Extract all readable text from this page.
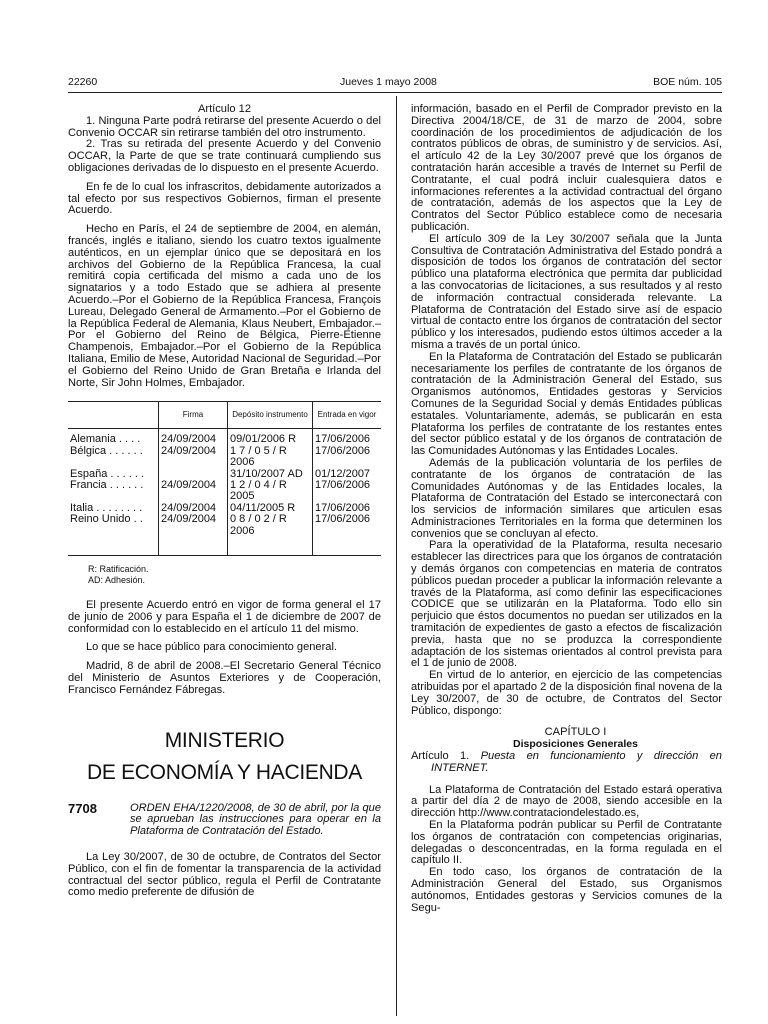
22260	Jueves 1 mayo 2008	BOE núm. 105

Artículo 12

1. Ninguna Parte podrá retirarse del presente Acuerdo o del Convenio OCCAR sin retirarse también del otro instrumento.

2. Tras su retirada del presente Acuerdo y del Convenio OCCAR, la Parte de que se trate continuará cumpliendo sus obligaciones derivadas de lo dispuesto en el presente Acuerdo.

En fe de lo cual los infrascritos, debidamente autorizados a tal efecto por sus respectivos Gobiernos, firman el presente Acuerdo.

Hecho en París, el 24 de septiembre de 2004, en alemán, francés, inglés e italiano, siendo los cuatro textos igualmente auténticos, en un ejemplar único que se depositará en los archivos del Gobierno de la República Francesa, la cual remitirá copia certificada del mismo a cada uno de los signatarios y a todo Estado que se adhiera al presente Acuerdo.–Por el Gobierno de la República Francesa, François Lureau, Delegado General de Armamento.–Por el Gobierno de la República Federal de Alemania, Klaus Neubert, Embajador.–Por el Gobierno del Reino de Bélgica, Pierre-Etienne Champenois, Embajador.–Por el Gobierno de la República Italiana, Emilio de Mese, Autoridad Nacional de Seguridad.–Por el Gobierno del Reino Unido de Gran Bretaña e Irlanda del Norte, Sir John Holmes, Embajador.

	Firma	Depósito instrumento	Entrada en vigor
Alemania . . . .	24/09/2004	09/01/2006 R	17/06/2006
Bélgica . . . . . .	24/09/2004	1 7 / 0 5 / R 2006	17/06/2006
España . . . . . .		31/10/2007 AD	01/12/2007
Francia . . . . . .	24/09/2004	1 2 / 0 4 / R 2005	17/06/2006
Italia . . . . . . . .	24/09/2004	04/11/2005 R	17/06/2006
Reino Unido . .	24/09/2004	0 8 / 0 2 / R 2006	17/06/2006
R: Ratificación.
AD: Adhesión.

El presente Acuerdo entró en vigor de forma general el 17 de junio de 2006 y para España el 1 de diciembre de 2007 de conformidad con lo establecido en el artículo 11 del mismo.

Lo que se hace público para conocimiento general.

Madrid, 8 de abril de 2008.–El Secretario General Técnico del Ministerio de Asuntos Exteriores y de Cooperación, Francisco Fernández Fábregas.

MINISTERIO
DE ECONOMÍA Y HACIENDA
7708	ORDEN EHA/1220/2008, de 30 de abril, por la que se aprueban las instrucciones para operar en la Plataforma de Contratación del Estado.

La Ley 30/2007, de 30 de octubre, de Contratos del Sector Público, con el fin de fomentar la transparencia de la actividad contractual del sector público, regula el Perfil de Contratante como medio preferente de difusión de

información, basado en el Perfil de Comprador previsto en la Directiva 2004/18/CE, de 31 de marzo de 2004, sobre coordinación de los procedimientos de adjudicación de los contratos públicos de obras, de suministro y de servicios. Así, el artículo 42 de la Ley 30/2007 prevé que los órganos de contratación harán accesible a través de Internet su Perfil de Contratante, el cual podrá incluir cualesquiera datos e informaciones referentes a la actividad contractual del órgano de contratación, además de los aspectos que la Ley de Contratos del Sector Público establece como de necesaria publicación.

El artículo 309 de la Ley 30/2007 señala que la Junta Consultiva de Contratación Administrativa del Estado pondrá a disposición de todos los órganos de contratación del sector público una plataforma electrónica que permita dar publicidad a las convocatorias de licitaciones, a sus resultados y al resto de información contractual considerada relevante. La Plataforma de Contratación del Estado sirve así de espacio virtual de contacto entre los órganos de contratación del sector público y los interesados, pudiendo estos últimos acceder a la misma a través de un portal único.

En la Plataforma de Contratación del Estado se publicarán necesariamente los perfiles de contratante de los órganos de contratación de la Administración General del Estado, sus Organismos autónomos, Entidades gestoras y Servicios Comunes de la Seguridad Social y demás Entidades públicas estatales. Voluntariamente, además, se publicarán en esta Plataforma los perfiles de contratante de los restantes entes del sector público estatal y de los órganos de contratación de las Comunidades Autónomas y las Entidades Locales.

Además de la publicación voluntaria de los perfiles de contratante de los órganos de contratación de las Comunidades Autónomas y de las Entidades locales, la Plataforma de Contratación del Estado se interconectará con los servicios de información similares que articulen esas Administraciones Territoriales en la forma que determinen los convenios que se concluyan al efecto.

Para la operatividad de la Plataforma, resulta necesario establecer las directrices para que los órganos de contratación y demás órganos con competencias en materia de contratos públicos puedan proceder a publicar la información relevante a través de la Plataforma, así como definir las especificaciones CODICE que se utilizarán en la Plataforma. Todo ello sin perjuicio que éstos documentos no puedan ser utilizados en la tramitación de expedientes de gasto a efectos de fiscalización previa, hasta que no se produzca la correspondiente adaptación de los sistemas orientados al control prevista para el 1 de junio de 2008.

En virtud de lo anterior, en ejercicio de las competencias atribuidas por el apartado 2 de la disposición final novena de la Ley 30/2007, de 30 de octubre, de Contratos del Sector Público, dispongo:

CAPÍTULO I

Disposiciones Generales

Artículo 1. Puesta en funcionamiento y dirección en INTERNET.

La Plataforma de Contratación del Estado estará operativa a partir del día 2 de mayo de 2008, siendo accesible en la dirección http://www.contrataciondelestado.es,

En la Plataforma podrán publicar su Perfil de Contratante los órganos de contratación con competencias originarias, delegadas o desconcentradas, en la forma regulada en el capítulo II.

En todo caso, los órganos de contratación de la Administración General del Estado, sus Organismos autónomos, Entidades gestoras y Servicios comunes de la Segu-
